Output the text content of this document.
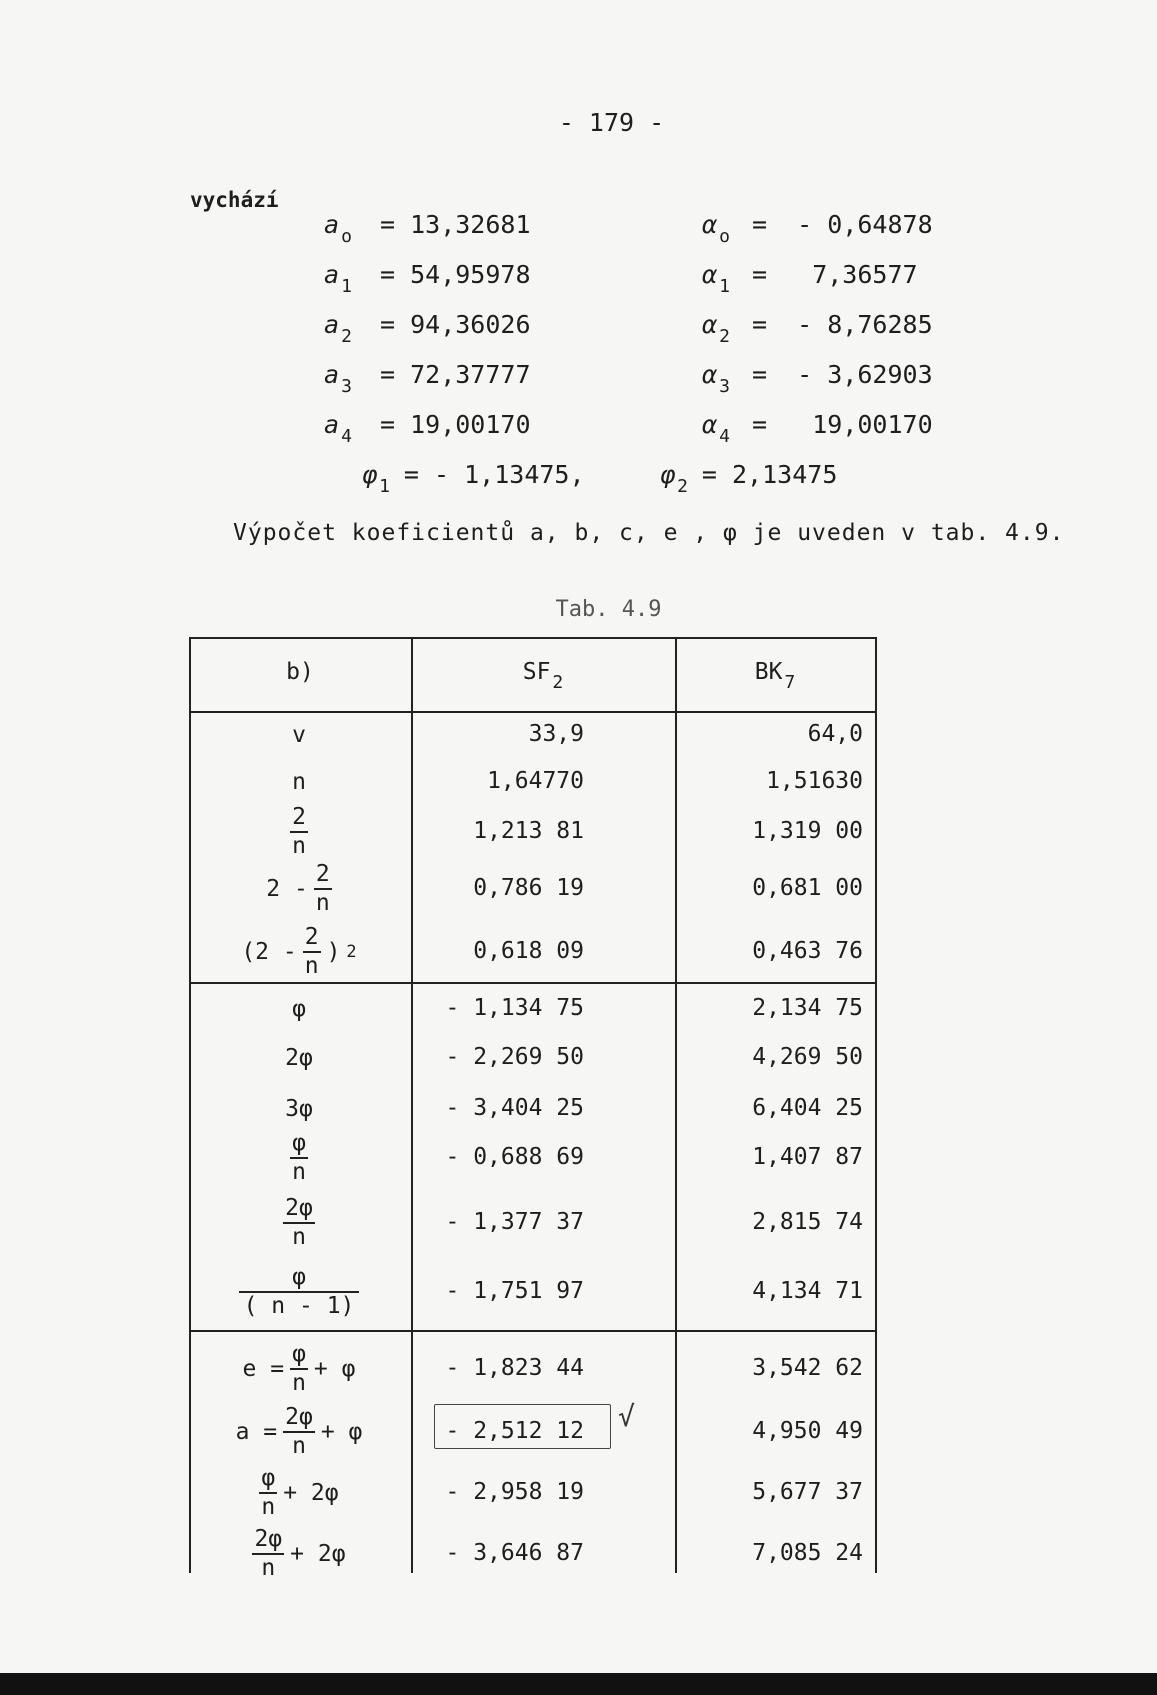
- 179 -
vychází
a $_o$ = 13,32681
a $_1$ = 54,95978
a $_2$ = 94,36026
a $_3$ = 72,37777
a $_4$ = 19,00170
α $_o$ =  - 0,64878
α $_1$ =   7,36577
α $_2$ =  - 8,76285
α $_3$ =  - 3,62903
α $_4$ =   19,00170
φ $_1$ = - 1,13475,	φ $_2$ = 2,13475
Výpočet koeficientů a, b, c, e , φ je uveden v tab. 4.9.
Tab. 4.9
b)	SF $_2$	BK $_7$
v	33,9	64,0
n	1,64770	1,51630
$\frac{2}{n}$	1,213 81	1,319 00
$2 - \frac{2}{n}$	0,786 19	0,681 00
($2 - \frac{2}{n}$ ) 2	0,618 09	0,463 76
φ	- 1,134 75	2,134 75
2φ	- 2,269 50	4,269 50
3φ	- 3,404 25	6,404 25
$\frac{\varphi}{n}$	- 0,688 69	1,407 87
$\frac{2\varphi}{n}$	- 1,377 37	2,815 74
$\frac{\varphi}{( n - 1)}$	- 1,751 97	4,134 71
$e = \frac{\varphi}{n} + \varphi$	- 1,823 44	3,542 62
$a = \frac{2\varphi}{n} + \varphi$	- 2,512 12	4,950 49
$\frac{\varphi}{n} + 2\varphi$	- 2,958 19	5,677 37
$\frac{2\varphi}{n} + 2\varphi$	- 3,646 87	7,085 24
√
